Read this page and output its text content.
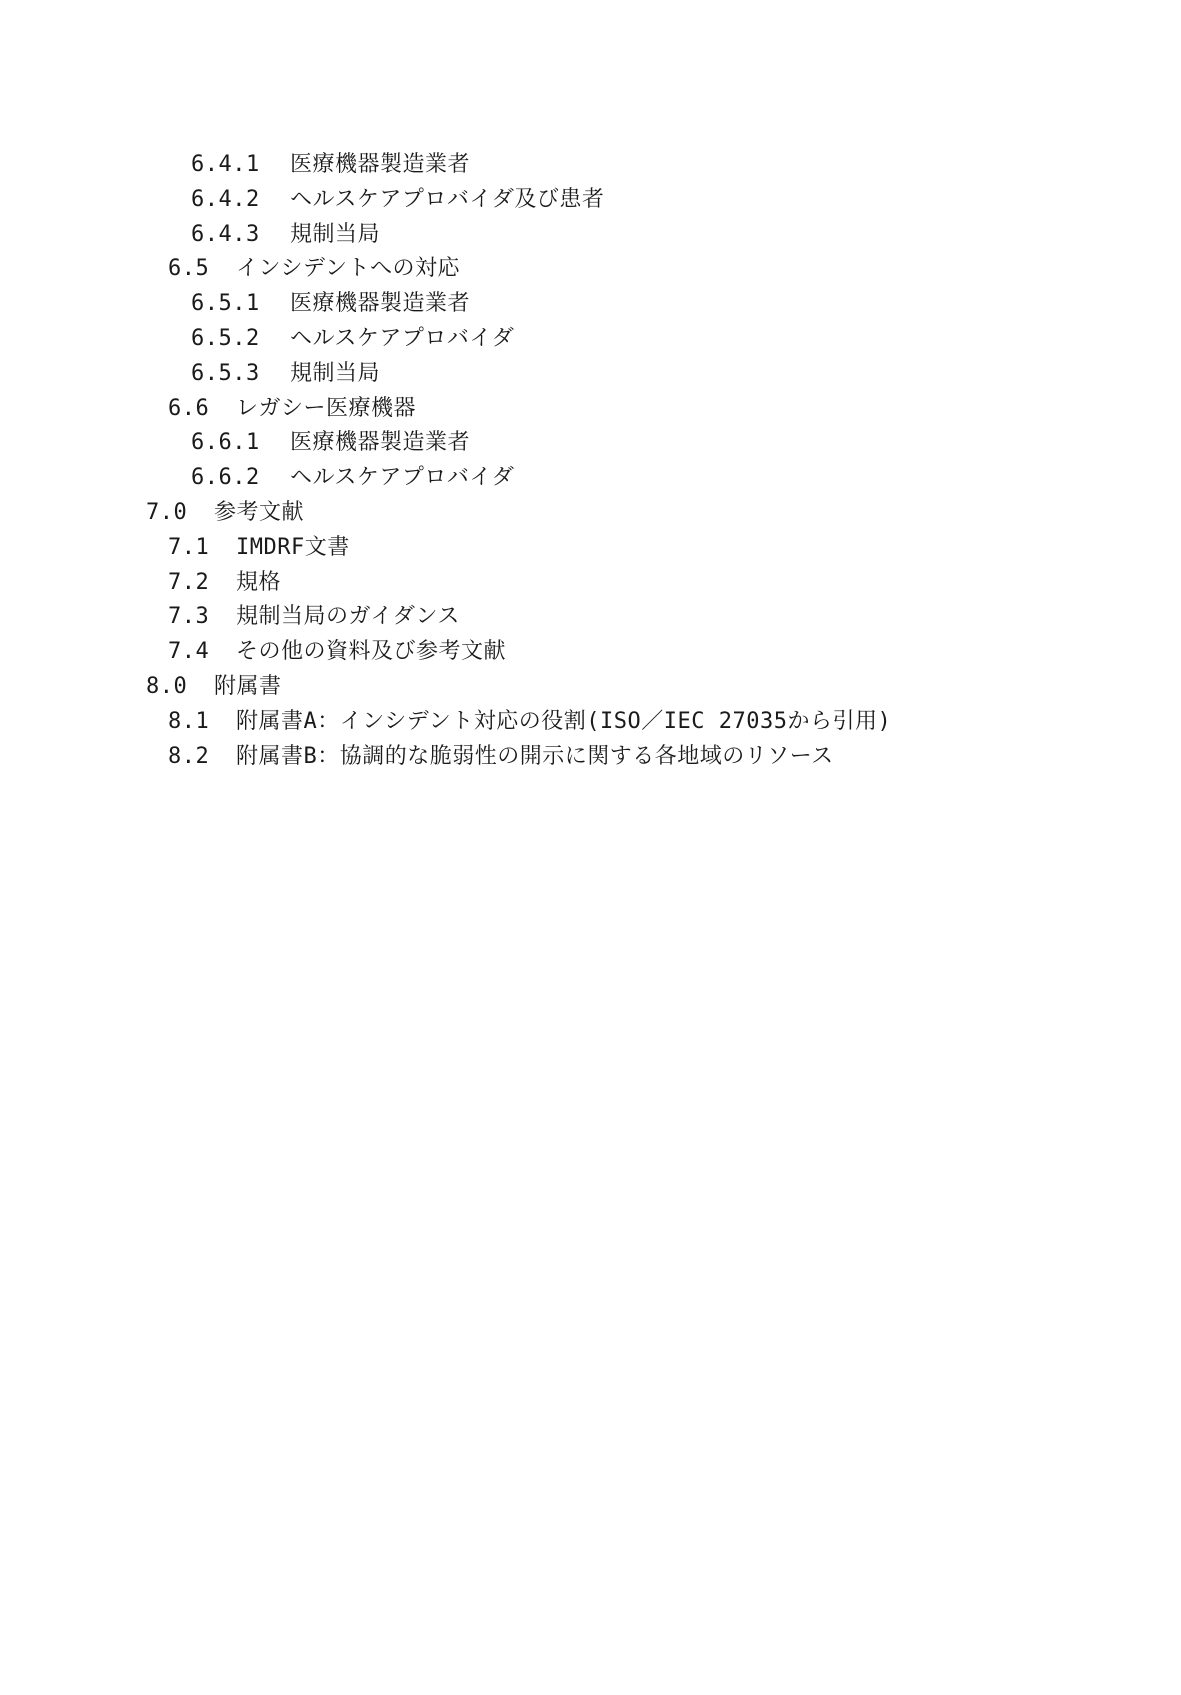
6.4.1 医療機器製造業者
6.4.2 ヘルスケアプロバイダ及び患者
6.4.3 規制当局
6.5 インシデントへの対応
6.5.1 医療機器製造業者
6.5.2 ヘルスケアプロバイダ
6.5.3 規制当局
6.6 レガシー医療機器
6.6.1 医療機器製造業者
6.6.2 ヘルスケアプロバイダ
7.0 参考文献
7.1 IMDRF文書
7.2 規格
7.3 規制当局のガイダンス
7.4 その他の資料及び参考文献
8.0 附属書
8.1 附属書A：インシデント対応の役割(ISO／IEC 27035から引用)
8.2 附属書B：協調的な脆弱性の開示に関する各地域のリソース
